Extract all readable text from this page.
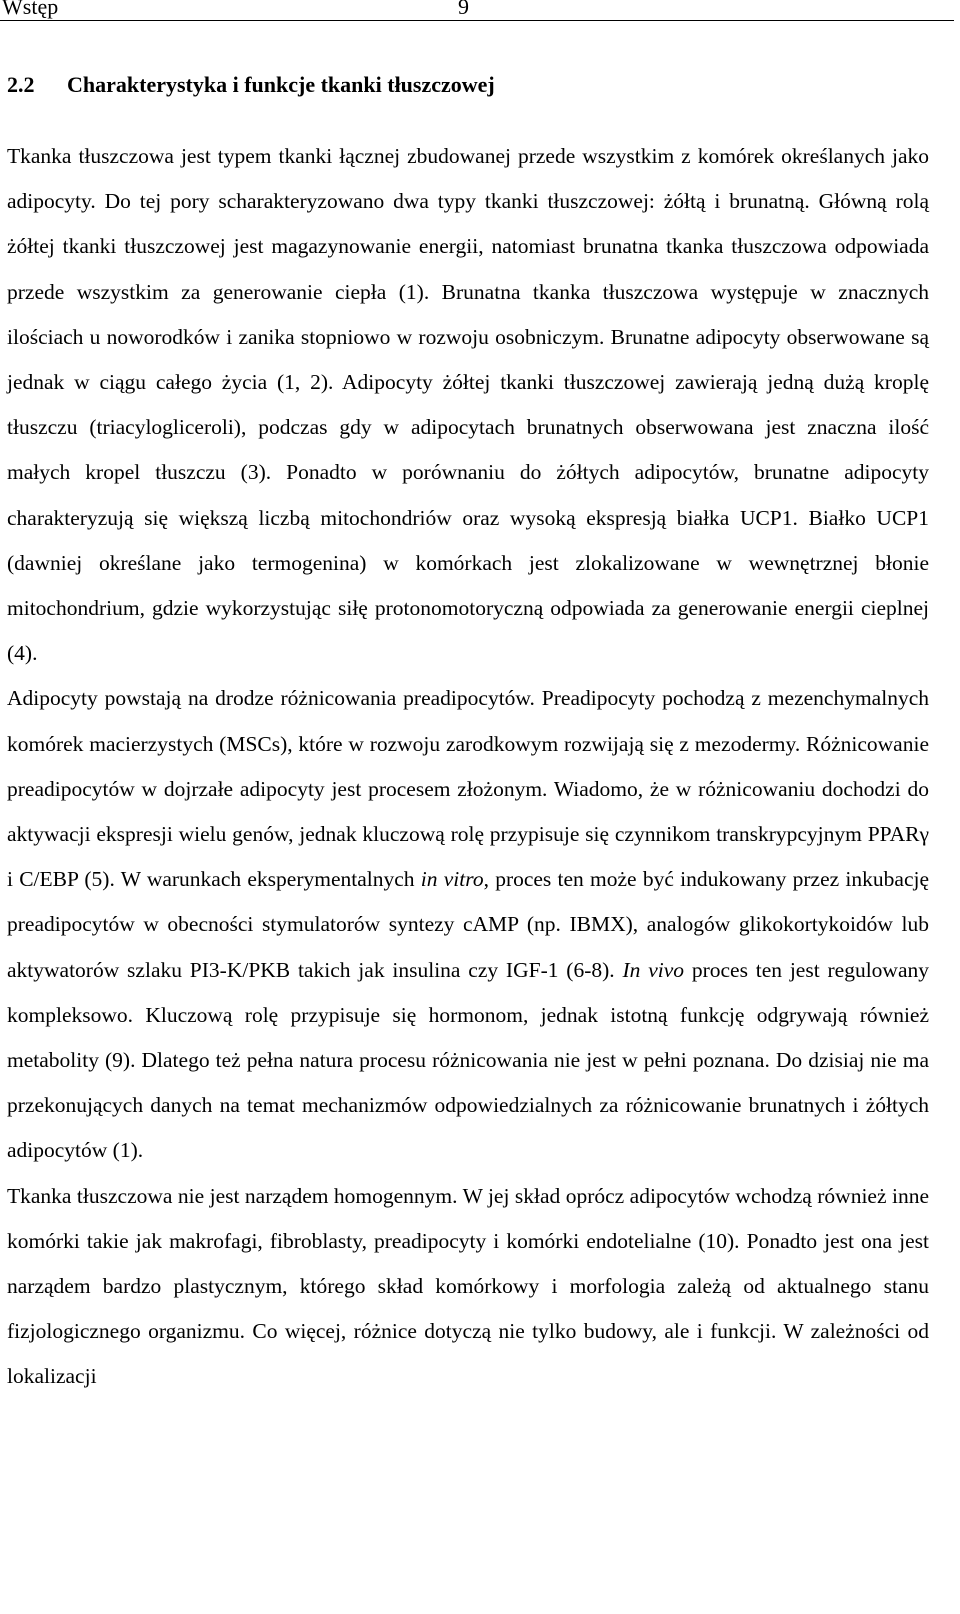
Wstęp	9
2.2 Charakterystyka i funkcje tkanki tłuszczowej

Tkanka tłuszczowa jest typem tkanki łącznej zbudowanej przede wszystkim z komórek określanych jako adipocyty. Do tej pory scharakteryzowano dwa typy tkanki tłuszczowej: żółtą i brunatną. Główną rolą żółtej tkanki tłuszczowej jest magazynowanie energii, natomiast brunatna tkanka tłuszczowa odpowiada przede wszystkim za generowanie ciepła (1). Brunatna tkanka tłuszczowa występuje w znacznych ilościach u noworodków i zanika stopniowo w rozwoju osobniczym. Brunatne adipocyty obserwowane są jednak w ciągu całego życia (1, 2). Adipocyty żółtej tkanki tłuszczowej zawierają jedną dużą kroplę tłuszczu (triacylogliceroli), podczas gdy w adipocytach brunatnych obserwowana jest znaczna ilość małych kropel tłuszczu (3). Ponadto w porównaniu do żółtych adipocytów, brunatne adipocyty charakteryzują się większą liczbą mitochondriów oraz wysoką ekspresją białka UCP1. Białko UCP1 (dawniej określane jako termogenina) w komórkach jest zlokalizowane w wewnętrznej błonie mitochondrium, gdzie wykorzystując siłę protonomotoryczną odpowiada za generowanie energii cieplnej (4).

Adipocyty powstają na drodze różnicowania preadipocytów. Preadipocyty pochodzą z mezenchymalnych komórek macierzystych (MSCs), które w rozwoju zarodkowym rozwijają się z mezodermy. Różnicowanie preadipocytów w dojrzałe adipocyty jest procesem złożonym. Wiadomo, że w różnicowaniu dochodzi do aktywacji ekspresji wielu genów, jednak kluczową rolę przypisuje się czynnikom transkrypcyjnym PPARγ i C/EBP (5). W warunkach eksperymentalnych in vitro, proces ten może być indukowany przez inkubację preadipocytów w obecności stymulatorów syntezy cAMP (np. IBMX), analogów glikokortykoidów lub aktywatorów szlaku PI3-K/PKB takich jak insulina czy IGF-1 (6-8). In vivo proces ten jest regulowany kompleksowo. Kluczową rolę przypisuje się hormonom, jednak istotną funkcję odgrywają również metabolity (9). Dlatego też pełna natura procesu różnicowania nie jest w pełni poznana. Do dzisiaj nie ma przekonujących danych na temat mechanizmów odpowiedzialnych za różnicowanie brunatnych i żółtych adipocytów (1).

Tkanka tłuszczowa nie jest narządem homogennym. W jej skład oprócz adipocytów wchodzą również inne komórki takie jak makrofagi, fibroblasty, preadipocyty i komórki endotelialne (10). Ponadto jest ona jest narządem bardzo plastycznym, którego skład komórkowy i morfologia zależą od aktualnego stanu fizjologicznego organizmu. Co więcej, różnice dotyczą nie tylko budowy, ale i funkcji. W zależności od lokalizacji
